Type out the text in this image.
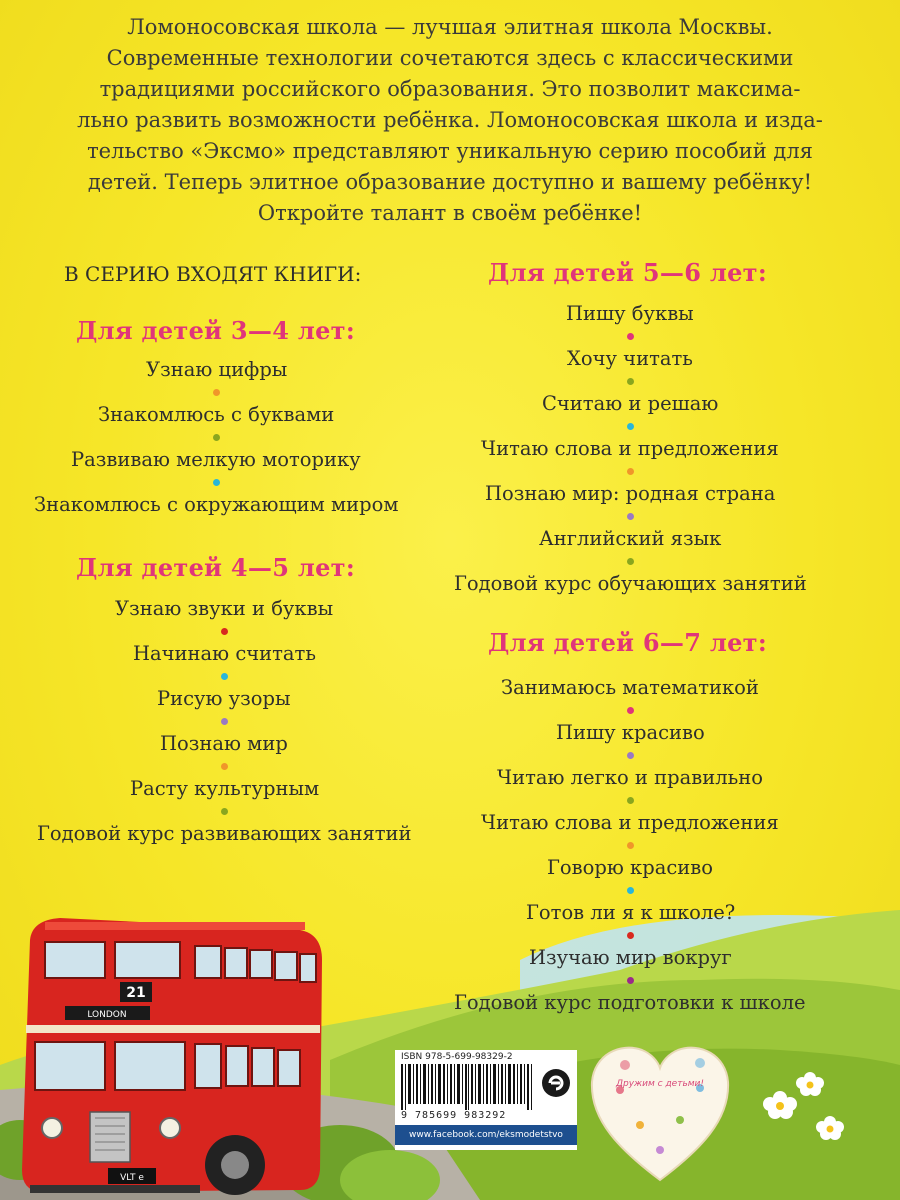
Ломоносовская школа — лучшая элитная школа Москвы.
Современные технологии сочетаются здесь с классическими
традициями российского образования. Это позволит максима-
льно развить возможности ребёнка. Ломоносовская школа и изда-
тельство «Эксмо» представляют уникальную серию пособий для
детей. Теперь элитное образование доступно и вашему ребёнку!
Откройте талант в своём ребёнке!
В СЕРИЮ ВХОДЯТ КНИГИ:
21
LONDON
VLT e
Дружим с детьми!
ISBN 978-5-699-98329-2
9 785699 983292
www.facebook.com/eksmodetstvo
Для детей 3—4 лет:
Узнаю цифры
Знакомлюсь с буквами
Развиваю мелкую моторику
Знакомлюсь с окружающим миром
Для детей 4—5 лет:
Узнаю звуки и буквы
Начинаю считать
Рисую узоры
Познаю мир
Расту культурным
Годовой курс развивающих занятий
Для детей 5—6 лет:
Пишу буквы
Хочу читать
Считаю и решаю
Читаю слова и предложения
Познаю мир: родная страна
Английский язык
Годовой курс обучающих занятий
Для детей 6—7 лет:
Занимаюсь математикой
Пишу красиво
Читаю легко и правильно
Читаю слова и предложения
Говорю красиво
Готов ли я к школе?
Изучаю мир вокруг
Годовой курс подготовки к школе
